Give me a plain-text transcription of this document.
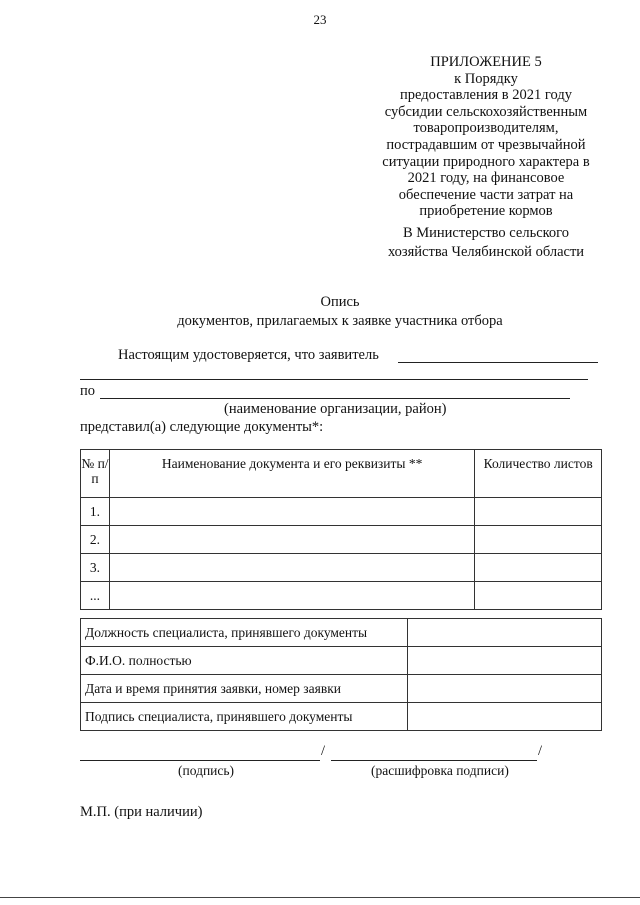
23
ПРИЛОЖЕНИЕ 5
к Порядку
предоставления в 2021 году
субсидии сельскохозяйственным
товаропроизводителям,
пострадавшим от чрезвычайной
ситуации природного характера в
2021 году, на финансовое
обеспечение части затрат на
приобретение кормов
В Министерство сельского
хозяйства Челябинской области
Опись
документов, прилагаемых к заявке участника отбора
Настоящим удостоверяется, что заявитель
по
(наименование организации, район)
представил(а) следующие документы*:
№ п/п	Наименование документа и его реквизиты **	Количество листов
1.		
2.		
3.		
...		
Должность специалиста, принявшего документы	
Ф.И.О. полностью	
Дата и время принятия заявки, номер заявки	
Подпись специалиста, принявшего документы	
/	/
(подпись)	(расшифровка подписи)
М.П. (при наличии)
